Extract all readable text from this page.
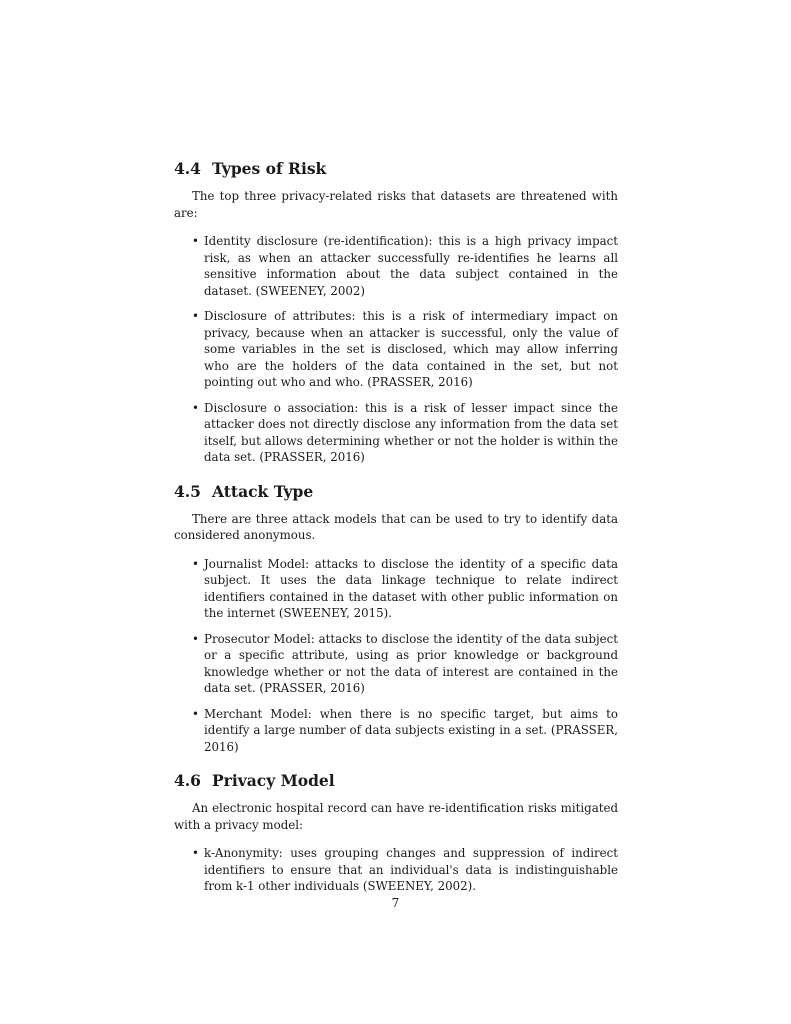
4.4 Types of Risk

The top three privacy-related risks that datasets are threatened with are:

• Identity disclosure (re-identification): this is a high privacy impact risk, as when an attacker successfully re-identifies he learns all sensitive information about the data subject contained in the dataset. (SWEENEY, 2002)
• Disclosure of attributes: this is a risk of intermediary impact on privacy, because when an attacker is successful, only the value of some variables in the set is disclosed, which may allow inferring who are the holders of the data contained in the set, but not pointing out who and who. (PRASSER, 2016)
• Disclosure o association: this is a risk of lesser impact since the attacker does not directly disclose any information from the data set itself, but allows determining whether or not the holder is within the data set. (PRASSER, 2016)
4.5 Attack Type

There are three attack models that can be used to try to identify data considered anonymous.

• Journalist Model: attacks to disclose the identity of a specific data subject. It uses the data linkage technique to relate indirect identifiers contained in the dataset with other public information on the internet (SWEENEY, 2015).
• Prosecutor Model: attacks to disclose the identity of the data subject or a specific attribute, using as prior knowledge or background knowledge whether or not the data of interest are contained in the data set. (PRASSER, 2016)
• Merchant Model: when there is no specific target, but aims to identify a large number of data subjects existing in a set. (PRASSER, 2016)
4.6 Privacy Model

An electronic hospital record can have re-identification risks mitigated with a privacy model:

• k-Anonymity: uses grouping changes and suppression of indirect identifiers to ensure that an individual's data is indistinguishable from k-1 other individuals (SWEENEY, 2002).
7
